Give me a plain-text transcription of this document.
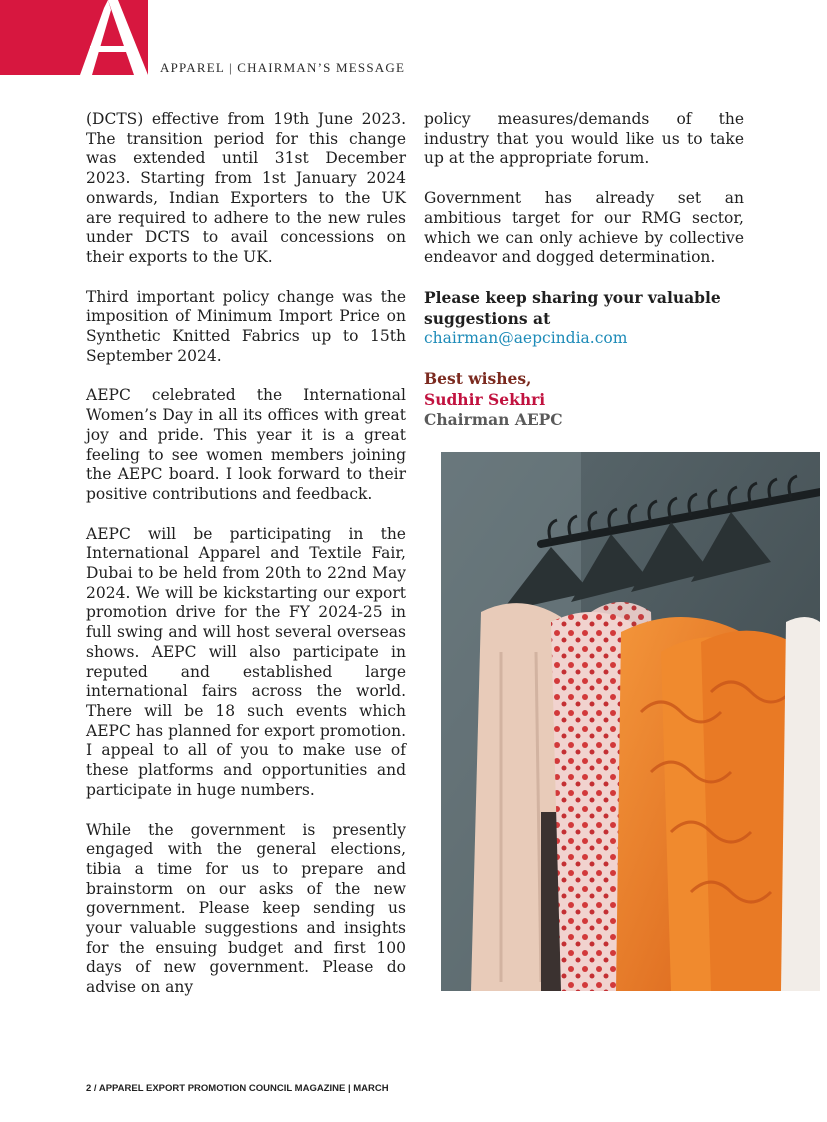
APPAREL | CHAIRMAN’S MESSAGE

(DCTS) effective from 19th June 2023. The transition period for this change was extended until 31st December 2023. Starting from 1st January 2024 onwards, Indian Exporters to the UK are required to adhere to the new rules under DCTS to avail concessions on their exports to the UK.

Third important policy change was the imposition of Minimum Import Price on Synthetic Knitted Fabrics up to 15th September 2024.

AEPC celebrated the International Women’s Day in all its offices with great joy and pride. This year it is a great feeling to see women members joining the AEPC board. I look forward to their positive contributions and feedback.

AEPC will be participating in the International Apparel and Textile Fair, Dubai to be held from 20th to 22nd May 2024. We will be kickstarting our export promotion drive for the FY 2024-25 in full swing and will host several overseas shows. AEPC will also participate in reputed and established large international fairs across the world. There will be 18 such events which AEPC has planned for export promotion. I appeal to all of you to make use of these platforms and opportunities and participate in huge numbers.

While the government is presently engaged with the general elections, tibia a time for us to prepare and brainstorm on our asks of the new government. Please keep sending us your valuable suggestions and insights for the ensuing budget and first 100 days of new government. Please do advise on any

policy measures/demands of the industry that you would like us to take up at the appropriate forum.

Government has already set an ambitious target for our RMG sector, which we can only achieve by collective endeavor and dogged determination.

Please keep sharing your valuable suggestions at
chairman@aepcindia.com

Best wishes,
Sudhir Sekhri
Chairman AEPC

2 / APPAREL EXPORT PROMOTION COUNCIL MAGAZINE | MARCH
